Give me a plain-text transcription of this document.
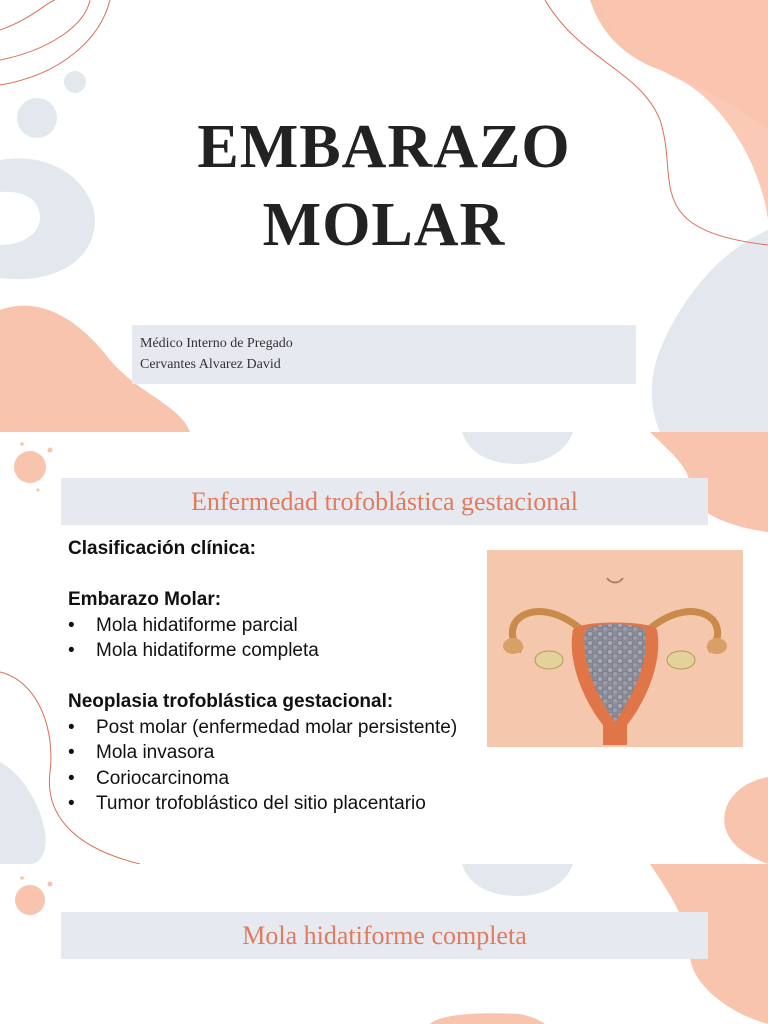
EMBARAZO
MOLAR
Médico Interno de Pregado
Cervantes Alvarez David
Enfermedad trofoblástica gestacional
Clasificación clínica:
Embarazo Molar:
• Mola hidatiforme parcial
• Mola hidatiforme completa
Neoplasia trofoblástica gestacional:
• Post molar (enfermedad molar persistente)
• Mola invasora
• Coriocarcinoma
• Tumor trofoblástico del sitio placentario
Mola hidatiforme completa
